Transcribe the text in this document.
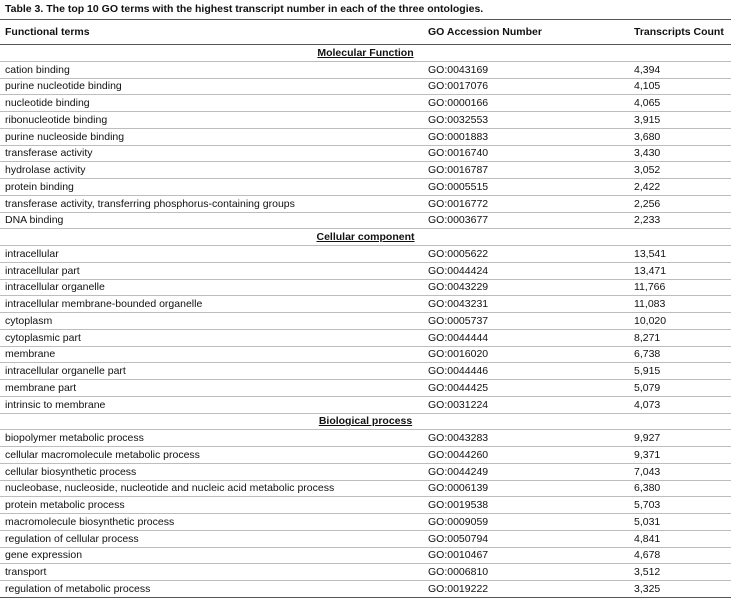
Table 3. The top 10 GO terms with the highest transcript number in each of the three ontologies.
Functional terms	GO Accession Number	Transcripts Count
Molecular Function		
cation binding	GO:0043169	4,394
purine nucleotide binding	GO:0017076	4,105
nucleotide binding	GO:0000166	4,065
ribonucleotide binding	GO:0032553	3,915
purine nucleoside binding	GO:0001883	3,680
transferase activity	GO:0016740	3,430
hydrolase activity	GO:0016787	3,052
protein binding	GO:0005515	2,422
transferase activity, transferring phosphorus-containing groups	GO:0016772	2,256
DNA binding	GO:0003677	2,233
Cellular component		
intracellular	GO:0005622	13,541
intracellular part	GO:0044424	13,471
intracellular organelle	GO:0043229	11,766
intracellular membrane-bounded organelle	GO:0043231	11,083
cytoplasm	GO:0005737	10,020
cytoplasmic part	GO:0044444	8,271
membrane	GO:0016020	6,738
intracellular organelle part	GO:0044446	5,915
membrane part	GO:0044425	5,079
intrinsic to membrane	GO:0031224	4,073
Biological process		
biopolymer metabolic process	GO:0043283	9,927
cellular macromolecule metabolic process	GO:0044260	9,371
cellular biosynthetic process	GO:0044249	7,043
nucleobase, nucleoside, nucleotide and nucleic acid metabolic process	GO:0006139	6,380
protein metabolic process	GO:0019538	5,703
macromolecule biosynthetic process	GO:0009059	5,031
regulation of cellular process	GO:0050794	4,841
gene expression	GO:0010467	4,678
transport	GO:0006810	3,512
regulation of metabolic process	GO:0019222	3,325
